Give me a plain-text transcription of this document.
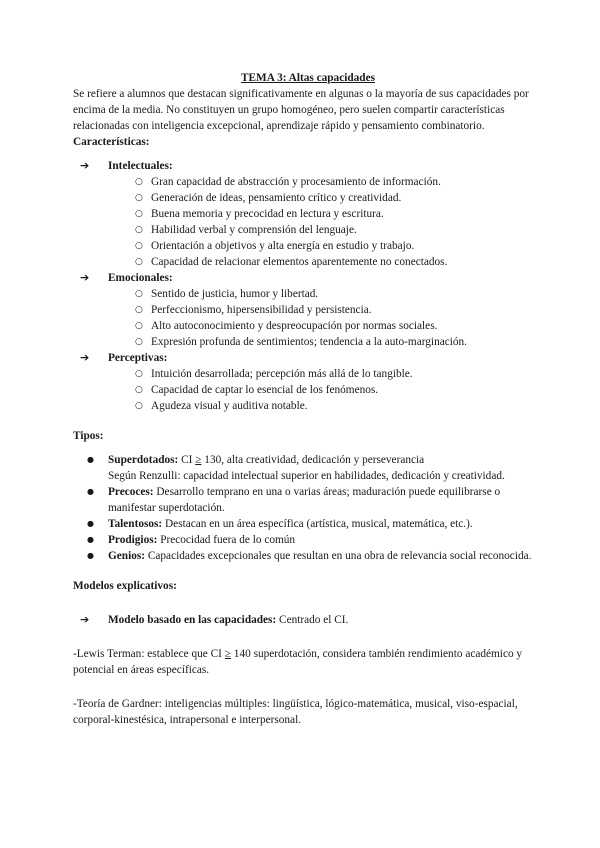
TEMA 3: Altas capacidades

Se refiere a alumnos que destacan significativamente en algunas o la mayoría de sus capacidades por encima de la media. No constituyen un grupo homogéneo, pero suelen compartir características relacionadas con inteligencia excepcional, aprendizaje rápido y pensamiento combinatorio.

Características:

➔	Intelectuales:
○ Gran capacidad de abstracción y procesamiento de información.
○ Generación de ideas, pensamiento crítico y creatividad.
○ Buena memoria y precocidad en lectura y escritura.
○ Habilidad verbal y comprensión del lenguaje.
○ Orientación a objetivos y alta energía en estudio y trabajo.
○ Capacidad de relacionar elementos aparentemente no conectados.
➔	Emocionales:
○ Sentido de justicia, humor y libertad.
○ Perfeccionismo, hipersensibilidad y persistencia.
○ Alto autoconocimiento y despreocupación por normas sociales.
○ Expresión profunda de sentimientos; tendencia a la auto-marginación.
➔	Perceptivas:
○ Intuición desarrollada; percepción más allá de lo tangible.
○ Capacidad de captar lo esencial de los fenómenos.
○ Agudeza visual y auditiva notable.

Tipos:

● Superdotados: CI ≥ 130, alta creatividad, dedicación y perseverancia
Según Renzulli: capacidad intelectual superior en habilidades, dedicación y creatividad.
● Precoces: Desarrollo temprano en una o varias áreas; maduración puede equilibrarse o manifestar superdotación.
● Talentosos: Destacan en un área específica (artística, musical, matemática, etc.).
● Prodigios: Precocidad fuera de lo común
● Genios: Capacidades excepcionales que resultan en una obra de relevancia social reconocida.

Modelos explicativos:

➔	Modelo basado en las capacidades: Centrado el CI.

-Lewis Terman: establece que CI ≥ 140 superdotación, considera también rendimiento académico y potencial en áreas específicas.

-Teoría de Gardner: inteligencias múltiples: lingüística, lógico-matemática, musical, viso-espacial, corporal-kinestésica, intrapersonal e interpersonal.
